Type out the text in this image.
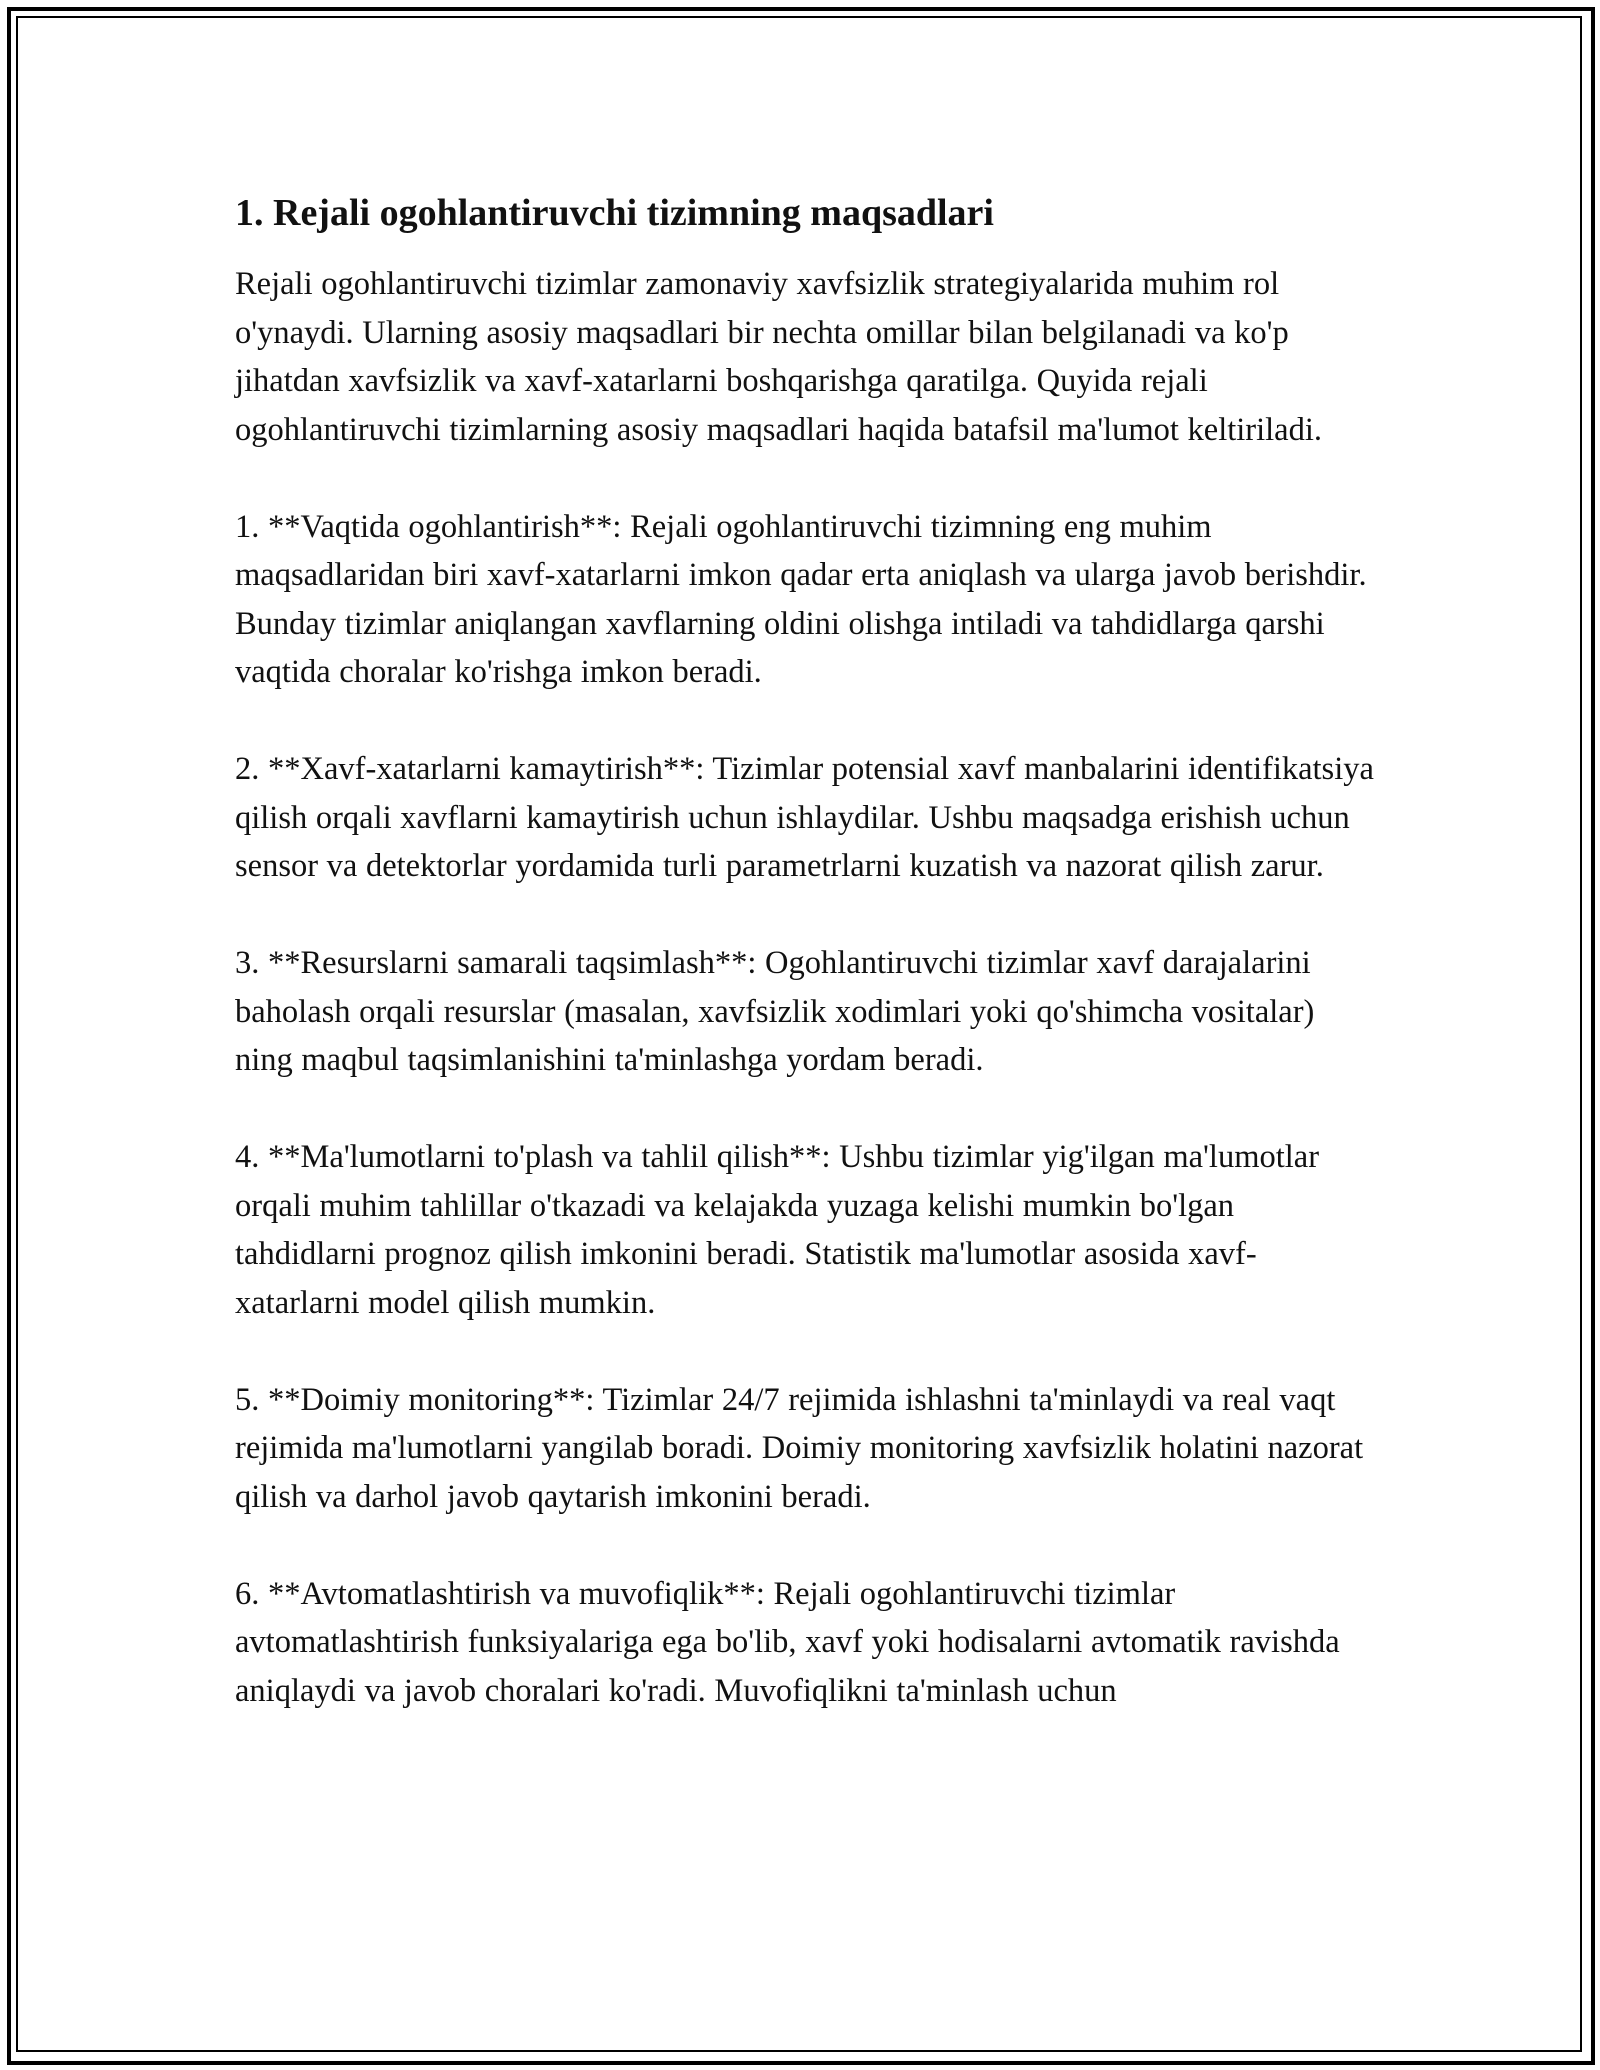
1. Rejali ogohlantiruvchi tizimning maqsadlari

Rejali ogohlantiruvchi tizimlar zamonaviy xavfsizlik strategiyalarida muhim rol o'ynaydi. Ularning asosiy maqsadlari bir nechta omillar bilan belgilanadi va ko'p jihatdan xavfsizlik va xavf-xatarlarni boshqarishga qaratilga. Quyida rejali ogohlantiruvchi tizimlarning asosiy maqsadlari haqida batafsil ma'lumot keltiriladi.

1. **Vaqtida ogohlantirish**: Rejali ogohlantiruvchi tizimning eng muhim maqsadlaridan biri xavf-xatarlarni imkon qadar erta aniqlash va ularga javob berishdir. Bunday tizimlar aniqlangan xavflarning oldini olishga intiladi va tahdidlarga qarshi vaqtida choralar ko'rishga imkon beradi.

2. **Xavf-xatarlarni kamaytirish**: Tizimlar potensial xavf manbalarini identifikatsiya qilish orqali xavflarni kamaytirish uchun ishlaydilar. Ushbu maqsadga erishish uchun sensor va detektorlar yordamida turli parametrlarni kuzatish va nazorat qilish zarur.

3. **Resurslarni samarali taqsimlash**: Ogohlantiruvchi tizimlar xavf darajalarini baholash orqali resurslar (masalan, xavfsizlik xodimlari yoki qo'shimcha vositalar) ning maqbul taqsimlanishini ta'minlashga yordam beradi.

4. **Ma'lumotlarni to'plash va tahlil qilish**: Ushbu tizimlar yig'ilgan ma'lumotlar orqali muhim tahlillar o'tkazadi va kelajakda yuzaga kelishi mumkin bo'lgan tahdidlarni prognoz qilish imkonini beradi. Statistik ma'lumotlar asosida xavf-xatarlarni model qilish mumkin.

5. **Doimiy monitoring**: Tizimlar 24/7 rejimida ishlashni ta'minlaydi va real vaqt rejimida ma'lumotlarni yangilab boradi. Doimiy monitoring xavfsizlik holatini nazorat qilish va darhol javob qaytarish imkonini beradi.

6. **Avtomatlashtirish va muvofiqlik**: Rejali ogohlantiruvchi tizimlar avtomatlashtirish funksiyalariga ega bo'lib, xavf yoki hodisalarni avtomatik ravishda aniqlaydi va javob choralari ko'radi. Muvofiqlikni ta'minlash uchun
